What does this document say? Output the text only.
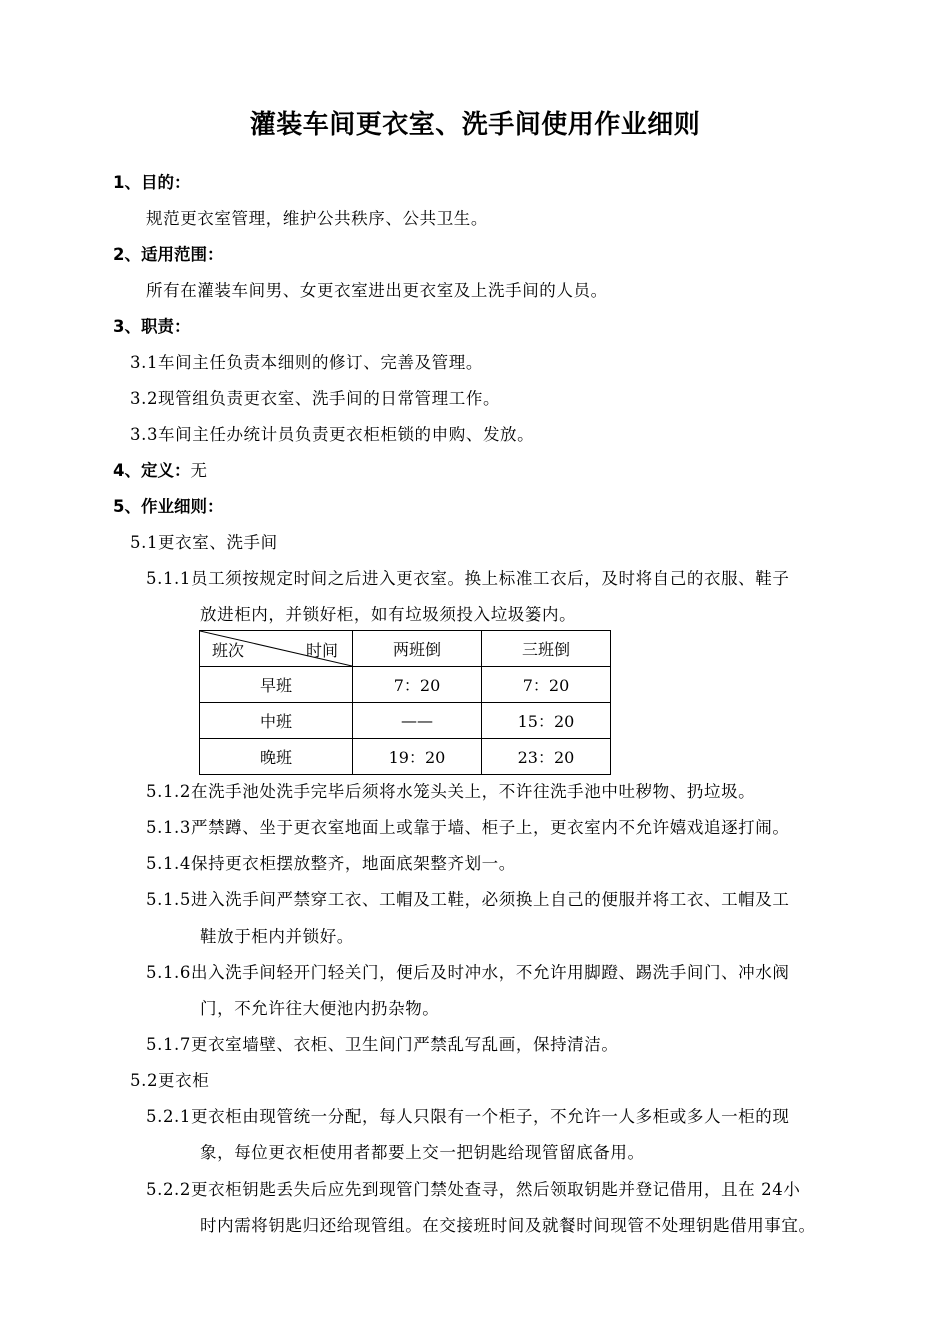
灌装车间更衣室、洗手间使用作业细则
1、目的：
规范更衣室管理，维护公共秩序、公共卫生。
2、适用范围：
所有在灌装车间男、女更衣室进出更衣室及上洗手间的人员。
3、职责：
3.1车间主任负责本细则的修订、完善及管理。
3.2现管组负责更衣室、洗手间的日常管理工作。
3.3车间主任办统计员负责更衣柜柜锁的申购、发放。
4、定义：无
5、作业细则：
5.1更衣室、洗手间
5.1.1员工须按规定时间之后进入更衣室。换上标准工衣后，及时将自己的衣服、鞋子
放进柜内，并锁好柜，如有垃圾须投入垃圾篓内。
班次 时间	两班倒	三班倒
早班	7：20	7：20
中班	——	15：20
晚班	19：20	23：20
5.1.2在洗手池处洗手完毕后须将水笼头关上，不许往洗手池中吐秽物、扔垃圾。
5.1.3严禁蹲、坐于更衣室地面上或靠于墙、柜子上，更衣室内不允许嬉戏追逐打闹。
5.1.4保持更衣柜摆放整齐，地面底架整齐划一。
5.1.5进入洗手间严禁穿工衣、工帽及工鞋，必须换上自己的便服并将工衣、工帽及工
鞋放于柜内并锁好。
5.1.6出入洗手间轻开门轻关门，便后及时冲水，不允许用脚蹬、踢洗手间门、冲水阀
门，不允许往大便池内扔杂物。
5.1.7更衣室墙壁、衣柜、卫生间门严禁乱写乱画，保持清洁。
5.2更衣柜
5.2.1更衣柜由现管统一分配，每人只限有一个柜子，不允许一人多柜或多人一柜的现
象，每位更衣柜使用者都要上交一把钥匙给现管留底备用。
5.2.2更衣柜钥匙丢失后应先到现管门禁处查寻，然后领取钥匙并登记借用，且在 24小
时内需将钥匙归还给现管组。在交接班时间及就餐时间现管不处理钥匙借用事宜。
